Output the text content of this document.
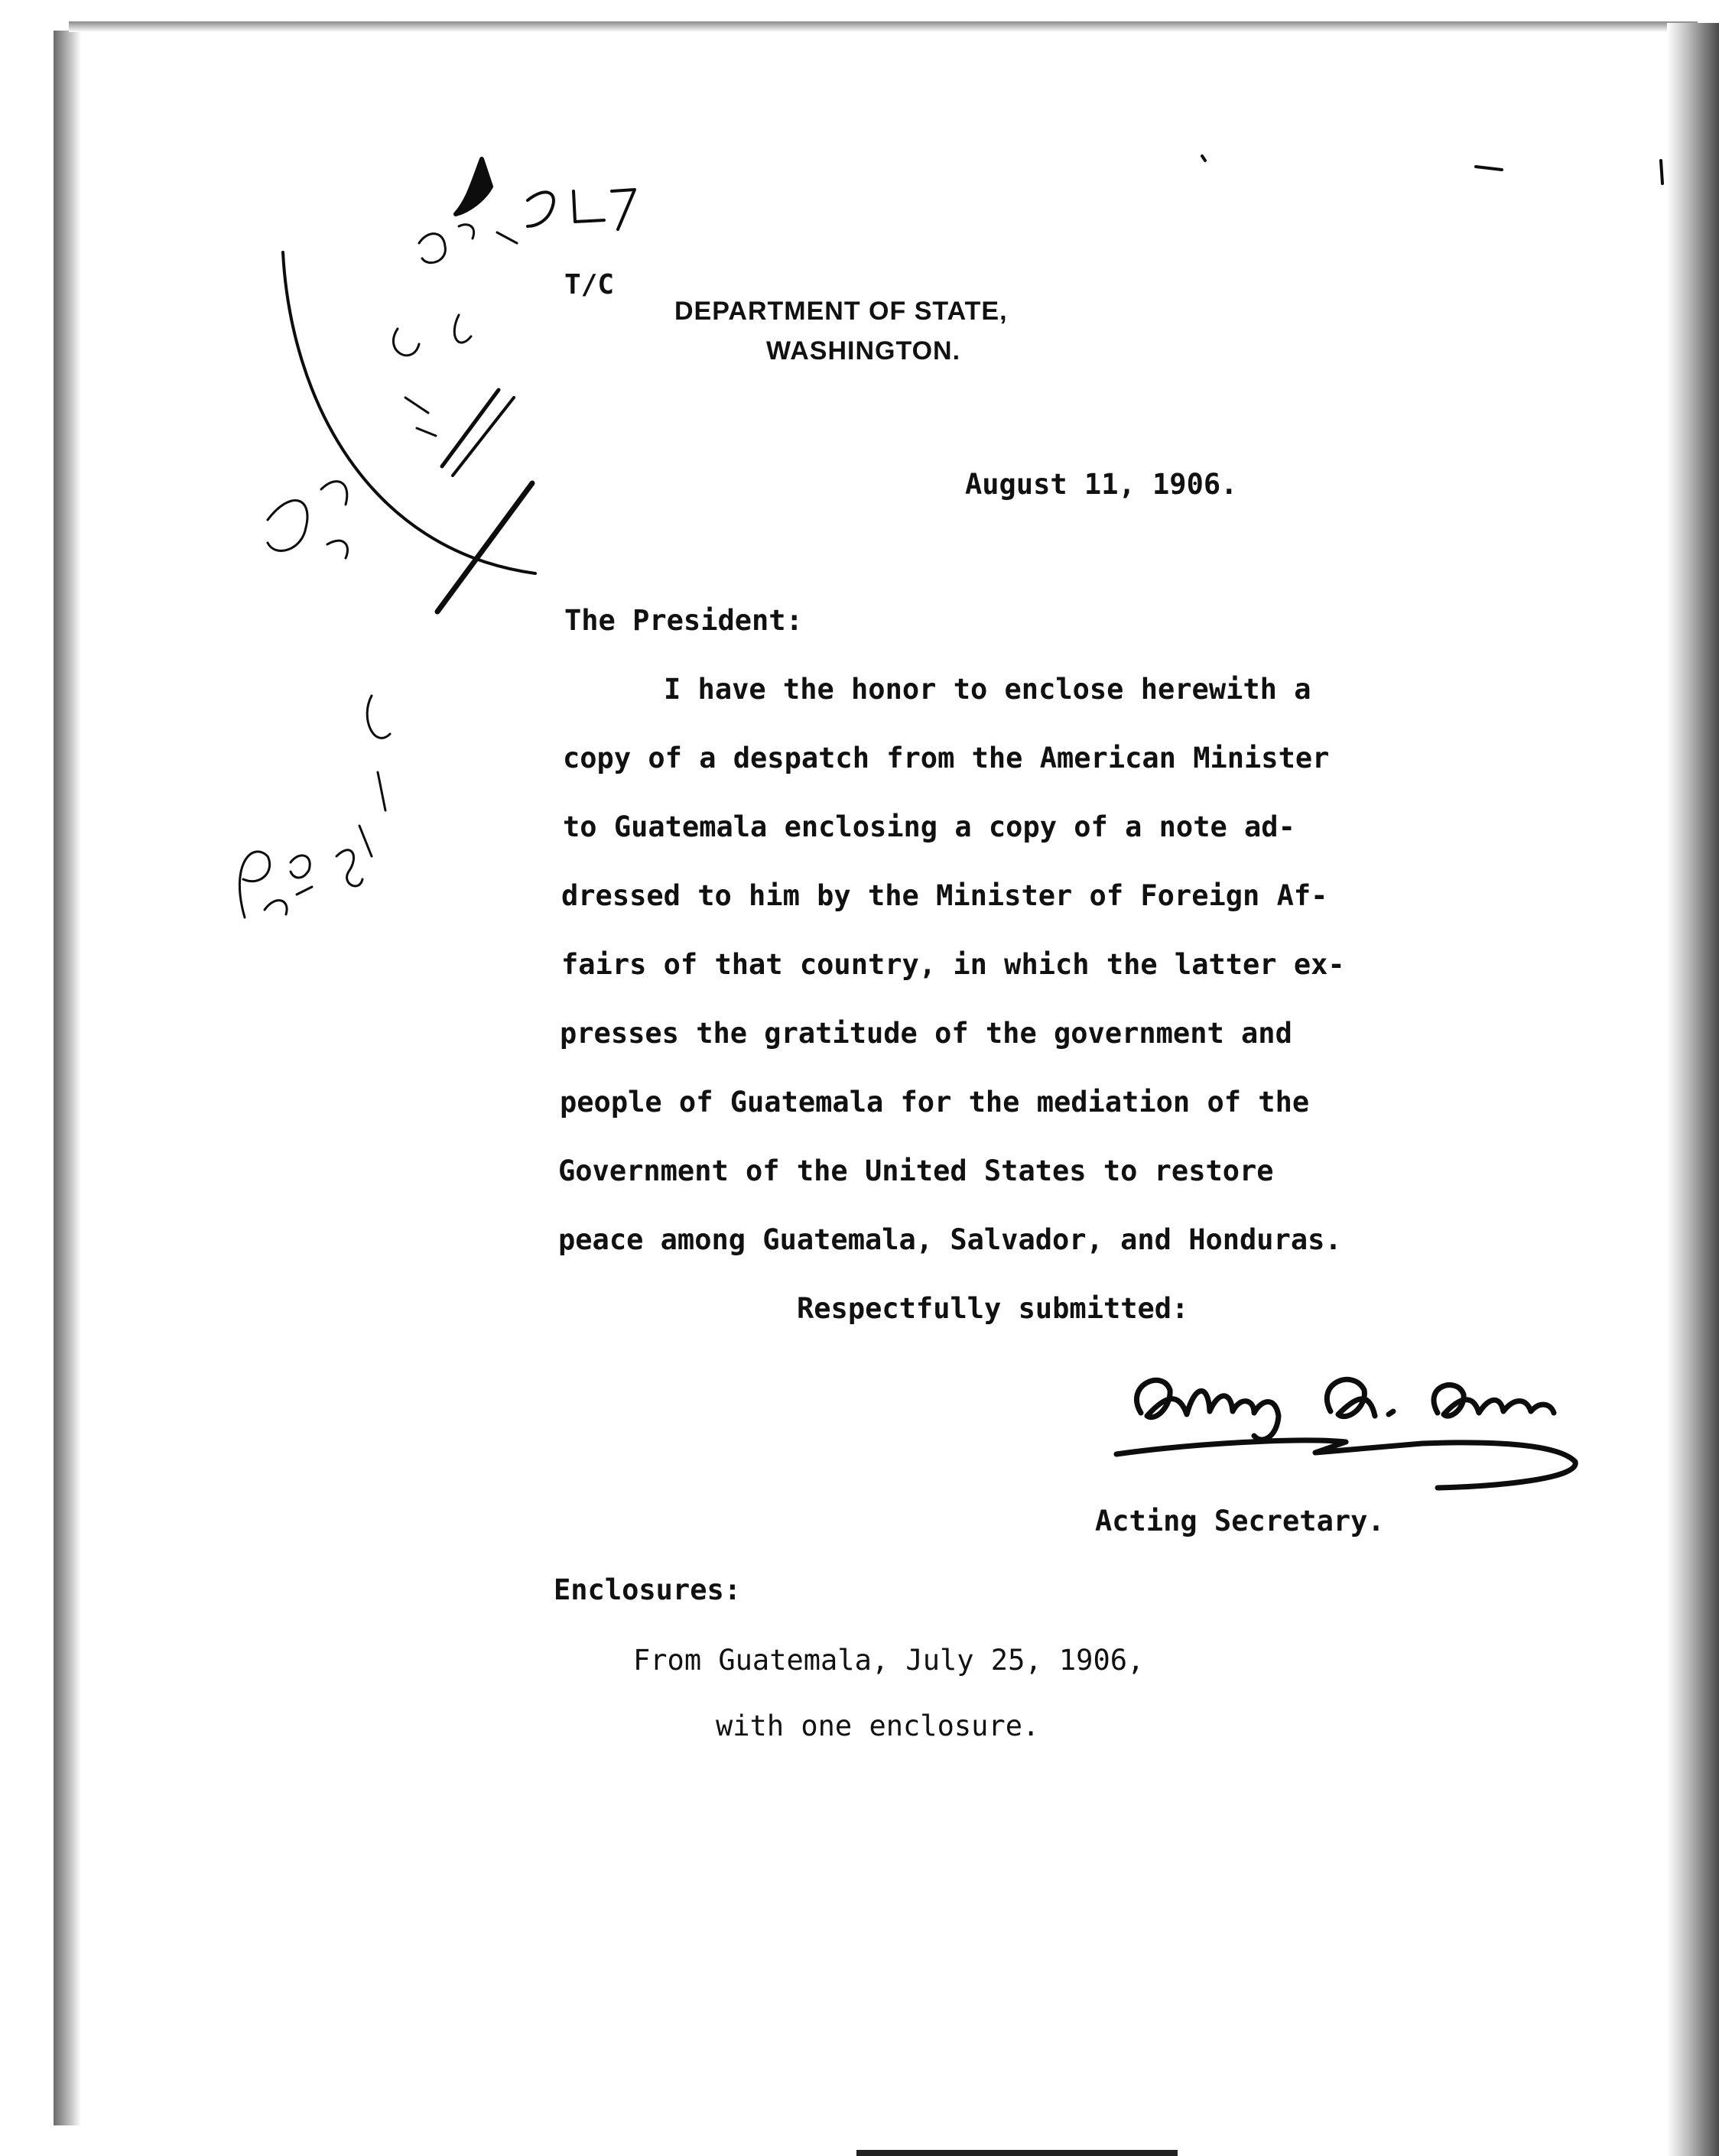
T/C
DEPARTMENT OF STATE,
WASHINGTON.
August 11, 1906.
The President:
I have the honor to enclose herewith a
copy of a despatch from the American Minister
to Guatemala enclosing a copy of a note ad-
dressed to him by the Minister of Foreign Af-
fairs of that country, in which the latter ex-
presses the gratitude of the government and
people of Guatemala for the mediation of the
Government of the United States to restore
peace among Guatemala, Salvador, and Honduras.
Respectfully submitted:
Acting Secretary.
Enclosures:
From Guatemala, July 25, 1906,
with one enclosure.
